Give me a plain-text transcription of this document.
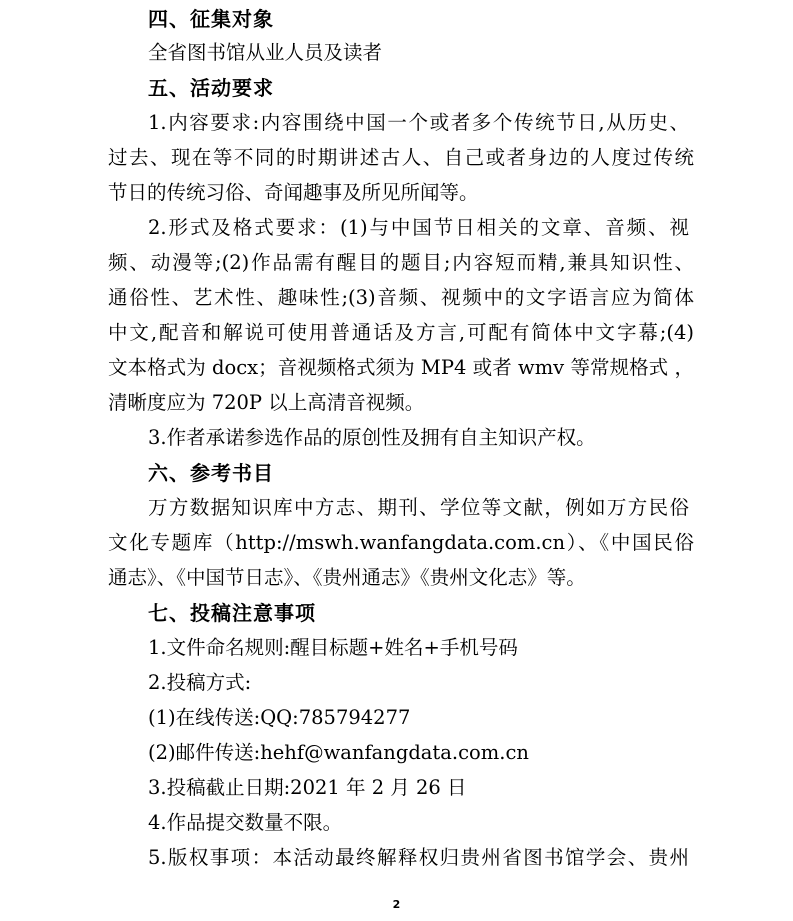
四、征集对象
全省图书馆从业人员及读者
五、活动要求
1.内容要求:内容围绕中国一个或者多个传统节日,从历史、
过去、现在等不同的时期讲述古人、自己或者身边的人度过传统
节日的传统习俗、奇闻趣事及所见所闻等。
2.形式及格式要求：(1)与中国节日相关的文章、音频、视
频、动漫等;(2)作品需有醒目的题目;内容短而精,兼具知识性、
通俗性、艺术性、趣味性;(3)音频、视频中的文字语言应为简体
中文,配音和解说可使用普通话及方言,可配有简体中文字幕;(4)
文本格式为 docx；音视频格式须为 MP4 或者 wmv 等常规格式 ，
清晰度应为 720P 以上高清音视频。
3.作者承诺参选作品的原创性及拥有自主知识产权。
六、参考书目
万方数据知识库中方志、期刊、学位等文献，例如万方民俗
文化专题库（http://mswh.wanfangdata.com.cn）、《中国民俗
通志》、《中国节日志》、《贵州通志》《贵州文化志》等。
七、投稿注意事项
1.文件命名规则:醒目标题+姓名+手机号码
2.投稿方式:
(1)在线传送:QQ:785794277
(2)邮件传送:hehf@wanfangdata.com.cn
3.投稿截止日期:2021 年 2 月 26 日
4.作品提交数量不限。
5.版权事项：本活动最终解释权归贵州省图书馆学会、贵州
2
